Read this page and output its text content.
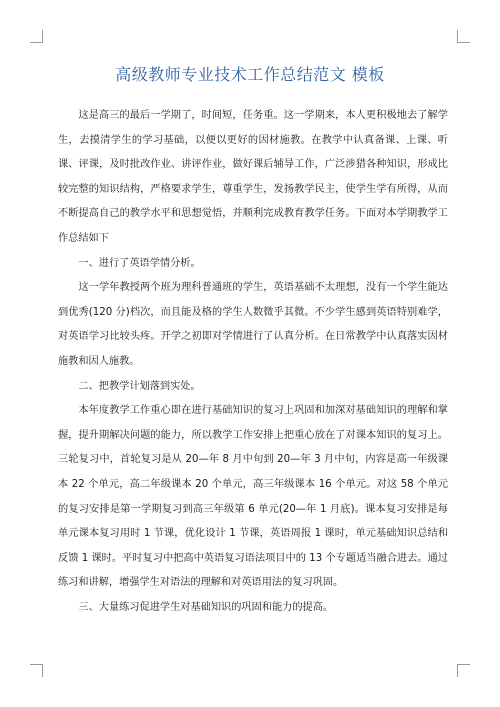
高级教师专业技术工作总结范文 模板

这是高三的最后一学期了，时间短，任务重。这一学期来，本人更积极地去了解学生，去摸清学生的学习基础，以便以更好的因材施教。在教学中认真备课、上课、听课、评课，及时批改作业、讲评作业，做好课后辅导工作，广泛涉猎各种知识，形成比较完整的知识结构，严格要求学生，尊重学生，发扬教学民主，使学生学有所得，从而不断提高自己的教学水平和思想觉悟，并顺利完成教育教学任务。下面对本学期教学工作总结如下

一、进行了英语学情分析。

这一学年教授两个班为理科普通班的学生，英语基础不太理想，没有一个学生能达到优秀(120 分)档次，而且能及格的学生人数微乎其微。不少学生感到英语特别难学，对英语学习比较头疼。开学之初即对学情进行了认真分析。在日常教学中认真落实因材施教和因人施教。

二、把教学计划落到实处。

本年度教学工作重心即在进行基础知识的复习上巩固和加深对基础知识的理解和掌握，提升期解决问题的能力，所以教学工作安排上把重心放在了对课本知识的复习上。三轮复习中，首轮复习是从 20—年 8 月中旬到 20—年 3 月中旬，内容是高一年级课本 22 个单元，高二年级课本 20 个单元，高三年级课本 16 个单元。对这 58 个单元的复习安排是第一学期复习到高三年级第 6 单元(20—年 1 月底)。课本复习安排是每单元课本复习用时 1 节课，优化设计 1 节课，英语周报 1 课时，单元基础知识总结和反馈 1 课时。平时复习中把高中英语复习语法项目中的 13 个专题适当融合进去。通过练习和讲解，增强学生对语法的理解和对英语用法的复习巩固。

三、大量练习促进学生对基础知识的巩固和能力的提高。
